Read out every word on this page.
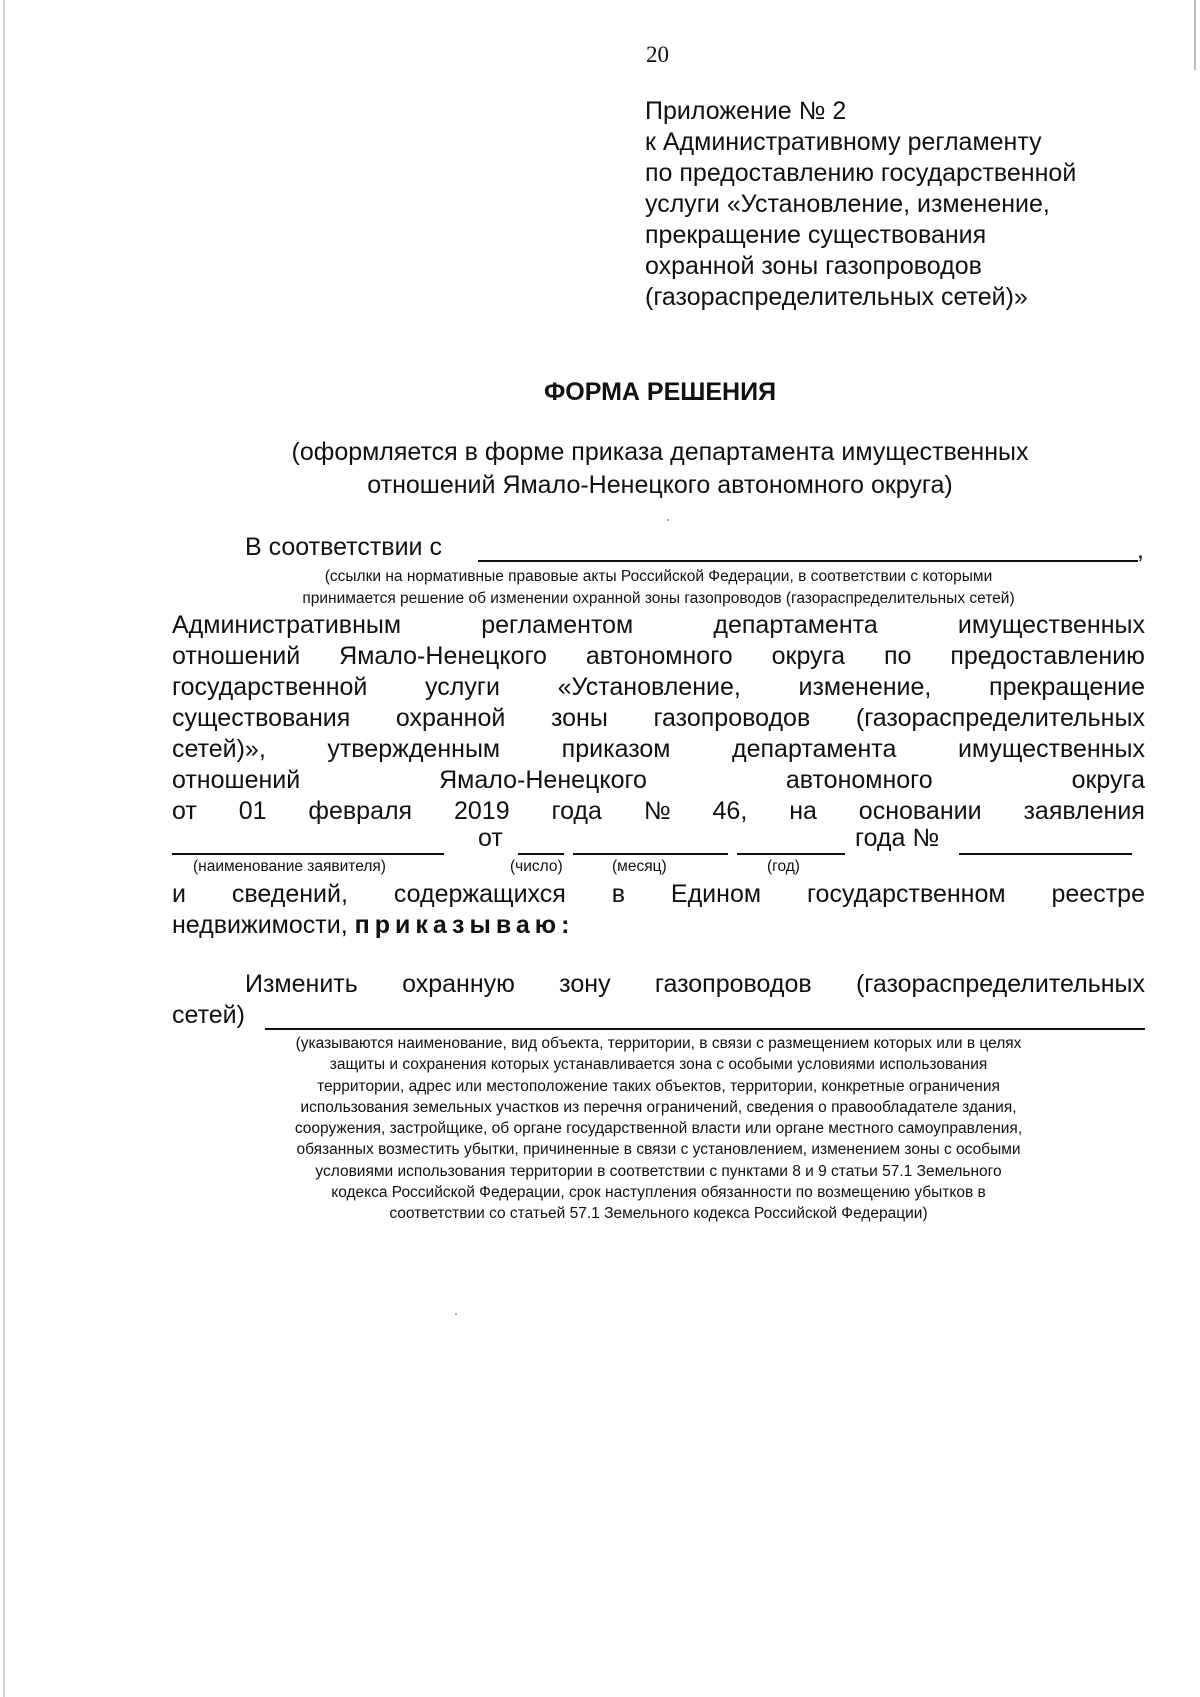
20
Приложение № 2
к Административному регламенту
по предоставлению государственной
услуги «Установление, изменение,
прекращение существования
охранной зоны газопроводов
(газораспределительных сетей)»
ФОРМА РЕШЕНИЯ
(оформляется в форме приказа департамента имущественных
отношений Ямало-Ненецкого автономного округа)
В соответствии с	,
(ссылки на нормативные правовые акты Российской Федерации, в соответствии с которыми
принимается решение об изменении охранной зоны газопроводов (газораспределительных сетей)
Административным	регламентом	департамента	имущественных
отношений Ямало-Ненецкого автономного округа по предоставлению
государственной услуги «Установление, изменение, прекращение
существования охранной зоны газопроводов (газораспределительных
сетей)», утвержденным приказом департамента имущественных
отношений	Ямало-Ненецкого	автономного	округа
от 01 февраля 2019 года № 46, на основании заявления
от	года №
(наименование заявителя)	(число)	(месяц)	(год)
и сведений, содержащихся в Едином государственном реестре
недвижимости, приказываю:
Изменить охранную зону газопроводов (газораспределительных
сетей)
(указываются наименование, вид объекта, территории, в связи с размещением которых или в целях
защиты и сохранения которых устанавливается зона с особыми условиями использования
территории, адрес или местоположение таких объектов, территории, конкретные ограничения
использования земельных участков из перечня ограничений, сведения о правообладателе здания,
сооружения, застройщике, об органе государственной власти или органе местного самоуправления,
обязанных возместить убытки, причиненные в связи с установлением, изменением зоны с особыми
условиями использования территории в соответствии с пунктами 8 и 9 статьи 57.1 Земельного
кодекса Российской Федерации, срок наступления обязанности по возмещению убытков в
соответствии со статьей 57.1 Земельного кодекса Российской Федерации)
